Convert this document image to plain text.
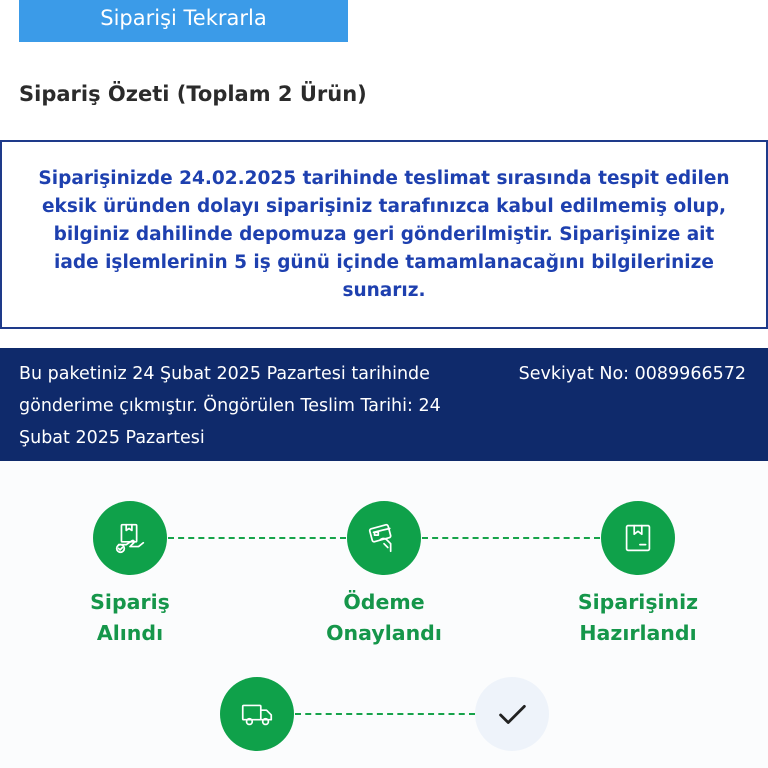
Siparişi Tekrarla
Sipariş Özeti (Toplam 2 Ürün)

Siparişinizde 24.02.2025 tarihinde teslimat sırasında tespit edilen eksik üründen dolayı siparişiniz tarafınızca kabul edilmemiş olup, bilginiz dahilinde depomuza geri gönderilmiştir. Siparişinize ait iade işlemlerinin 5 iş günü içinde tamamlanacağını bilgilerinize sunarız.

Bu paketiniz 24 Şubat 2025 Pazartesi tarihinde gönderime çıkmıştır. Öngörülen Teslim Tarihi: 24 Şubat 2025 Pazartesi
Sevkiyat No: 0089966572
Sipariş
Alındı
Ödeme
Onaylandı
Siparişiniz
Hazırlandı
